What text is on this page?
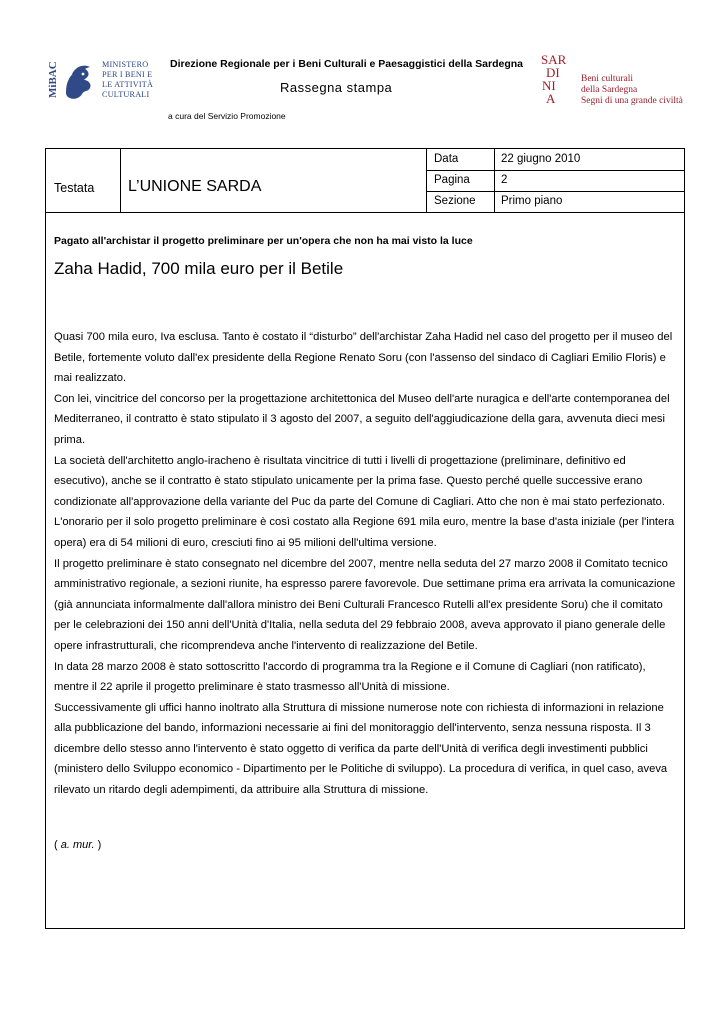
MiBAC	MINISTERO
PER I BENI E
LE ATTIVITÀ
CULTURALI
Direzione Regionale per i Beni Culturali e Paesaggistici della Sardegna
Rassegna stampa
a cura del Servizio Promozione
SAR
DI
NI
A
Beni culturali
della Sardegna
Segni di una grande civiltà
Testata L’UNIONE SARDA
Data	22 giugno 2010
Pagina	2
Sezione Primo piano
Pagato all'archistar il progetto preliminare per un'opera che non ha mai visto la luce
Zaha Hadid, 700 mila euro per il Betile

Quasi 700 mila euro, Iva esclusa. Tanto è costato il “disturbo” dell'archistar Zaha Hadid nel caso del progetto per il museo del Betile, fortemente voluto dall'ex presidente della Regione Renato Soru (con l'assenso del sindaco di Cagliari Emilio Floris) e mai realizzato.

Con lei, vincitrice del concorso per la progettazione architettonica del Museo dell'arte nuragica e dell'arte contemporanea del Mediterraneo, il contratto è stato stipulato il 3 agosto del 2007, a seguito dell'aggiudicazione della gara, avvenuta dieci mesi prima.

La società dell'architetto anglo-iracheno è risultata vincitrice di tutti i livelli di progettazione (preliminare, definitivo ed esecutivo), anche se il contratto è stato stipulato unicamente per la prima fase. Questo perché quelle successive erano condizionate all'approvazione della variante del Puc da parte del Comune di Cagliari. Atto che non è mai stato perfezionato.

L'onorario per il solo progetto preliminare è così costato alla Regione 691 mila euro, mentre la base d'asta iniziale (per l'intera opera) era di 54 milioni di euro, cresciuti fino ai 95 milioni dell'ultima versione.

Il progetto preliminare è stato consegnato nel dicembre del 2007, mentre nella seduta del 27 marzo 2008 il Comitato tecnico amministrativo regionale, a sezioni riunite, ha espresso parere favorevole. Due settimane prima era arrivata la comunicazione (già annunciata informalmente dall'allora ministro dei Beni Culturali Francesco Rutelli all'ex presidente Soru) che il comitato per le celebrazioni dei 150 anni dell'Unità d'Italia, nella seduta del 29 febbraio 2008, aveva approvato il piano generale delle opere infrastrutturali, che ricomprendeva anche l'intervento di realizzazione del Betile.

In data 28 marzo 2008 è stato sottoscritto l'accordo di programma tra la Regione e il Comune di Cagliari (non ratificato), mentre il 22 aprile il progetto preliminare è stato trasmesso all'Unità di missione.

Successivamente gli uffici hanno inoltrato alla Struttura di missione numerose note con richiesta di informazioni in relazione alla pubblicazione del bando, informazioni necessarie ai fini del monitoraggio dell'intervento, senza nessuna risposta. Il 3 dicembre dello stesso anno l'intervento è stato oggetto di verifica da parte dell'Unità di verifica degli investimenti pubblici (ministero dello Sviluppo economico - Dipartimento per le Politiche di sviluppo). La procedura di verifica, in quel caso, aveva rilevato un ritardo degli adempimenti, da attribuire alla Struttura di missione.

( a. mur. )
